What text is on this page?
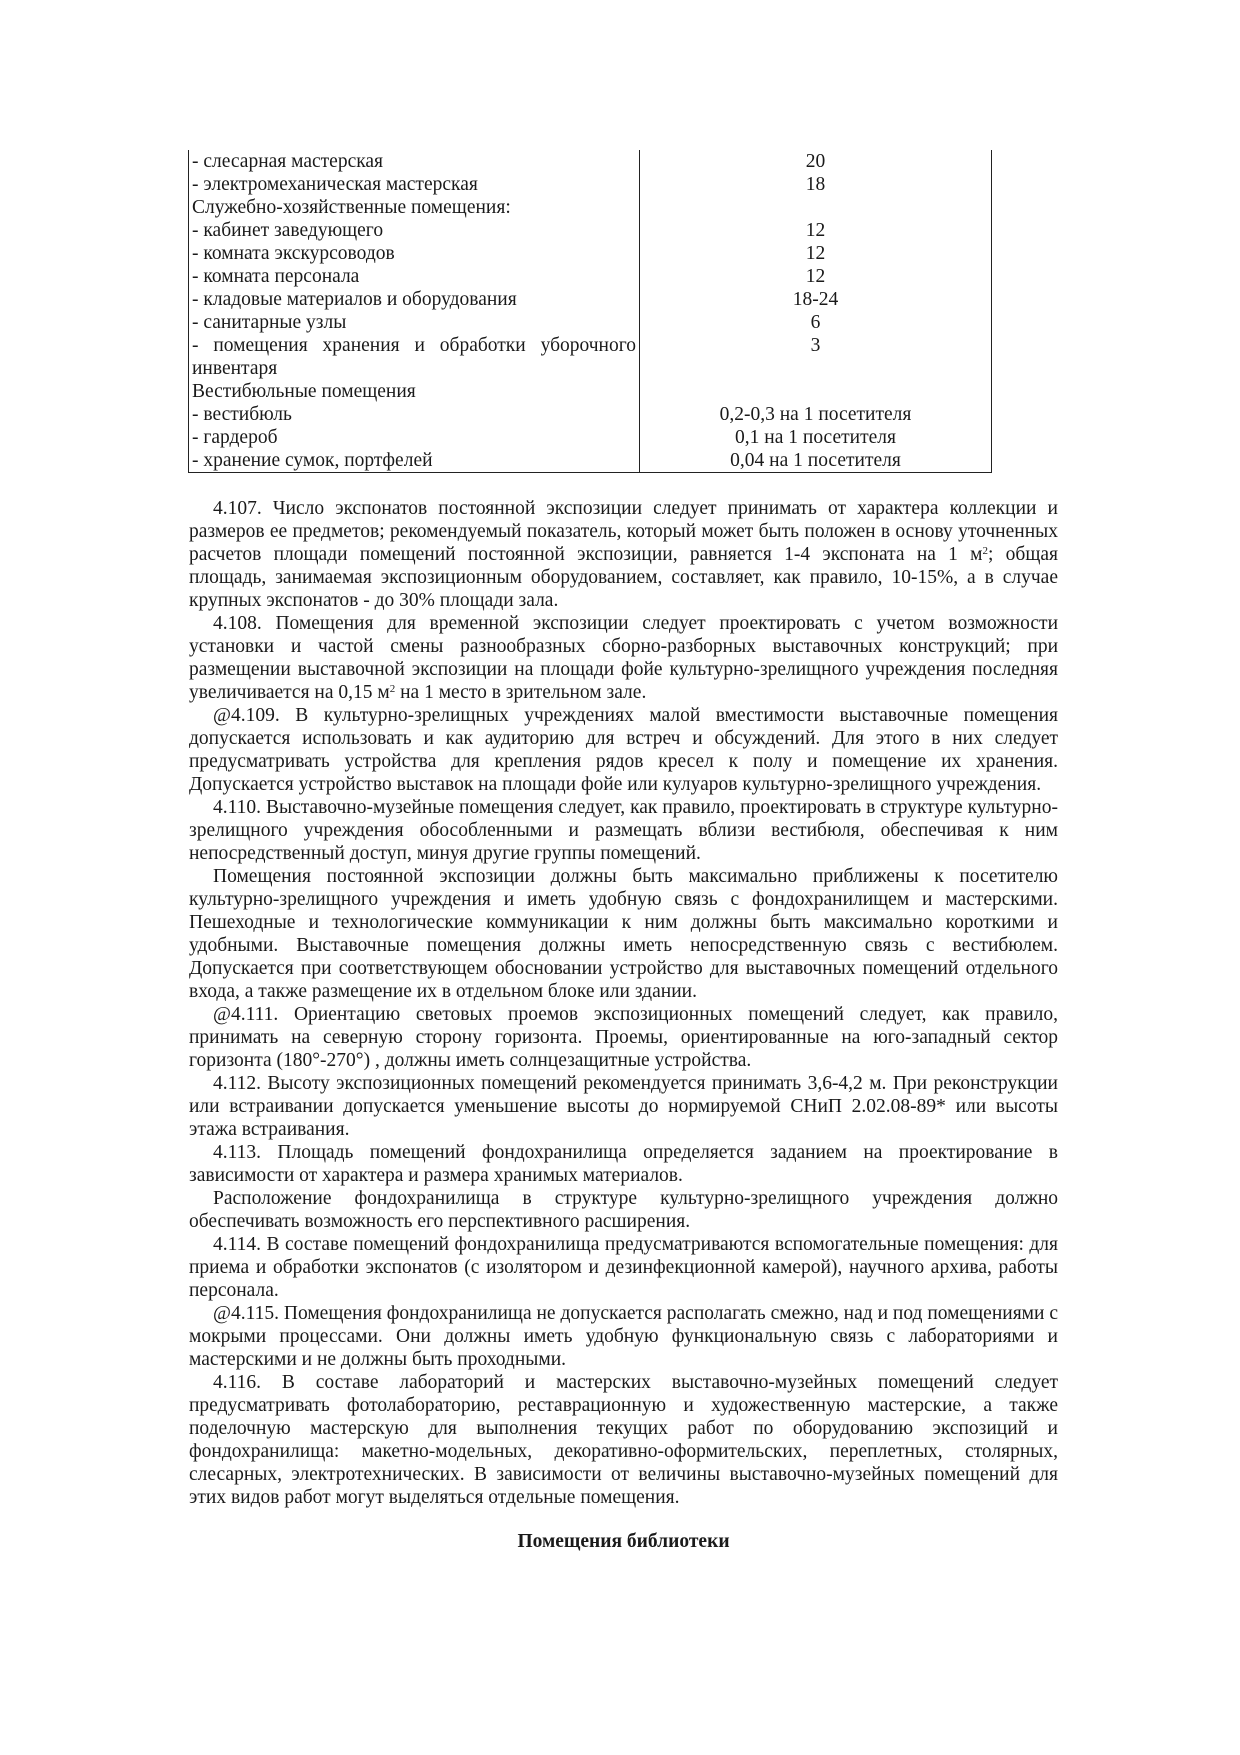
- слесарная мастерская	20
- электромеханическая мастерская	18
Служебно-хозяйственные помещения:	
- кабинет заведующего	12
- комната экскурсоводов	12
- комната персонала	12
- кладовые материалов и оборудования	18-24
- санитарные узлы	6
- помещения хранения и обработки уборочного инвентаря	3
Вестибюльные помещения	
- вестибюль	0,2-0,3 на 1 посетителя
- гардероб	0,1 на 1 посетителя
- хранение сумок, портфелей	0,04 на 1 посетителя

4.107. Число экспонатов постоянной экспозиции следует принимать от характера коллекции и размеров ее предметов; рекомендуемый показатель, который может быть положен в основу уточненных расчетов площади помещений постоянной экспозиции, равняется 1-4 экспоната на 1 $м^2$; общая площадь, занимаемая экспозиционным оборудованием, составляет, как правило, 10-15%, а в случае крупных экспонатов - до 30% площади зала.

4.108. Помещения для временной экспозиции следует проектировать с учетом возможности установки и частой смены разнообразных сборно-разборных выставочных конструкций; при размещении выставочной экспозиции на площади фойе культурно-зрелищного учреждения последняя увеличивается на 0,15 $м^2$ на 1 место в зрительном зале.

@4.109. В культурно-зрелищных учреждениях малой вместимости выставочные помещения допускается использовать и как аудиторию для встреч и обсуждений. Для этого в них следует предусматривать устройства для крепления рядов кресел к полу и помещение их хранения. Допускается устройство выставок на площади фойе или кулуаров культурно-зрелищного учреждения.

4.110. Выставочно-музейные помещения следует, как правило, проектировать в структуре культурно-зрелищного учреждения обособленными и размещать вблизи вестибюля, обеспечивая к ним непосредственный доступ, минуя другие группы помещений.

Помещения постоянной экспозиции должны быть максимально приближены к посетителю культурно-зрелищного учреждения и иметь удобную связь с фондохранилищем и мастерскими. Пешеходные и технологические коммуникации к ним должны быть максимально короткими и удобными. Выставочные помещения должны иметь непосредственную связь с вестибюлем. Допускается при соответствующем обосновании устройство для выставочных помещений отдельного входа, а также размещение их в отдельном блоке или здании.

@4.111. Ориентацию световых проемов экспозиционных помещений следует, как правило, принимать на северную сторону горизонта. Проемы, ориентированные на юго-западный сектор горизонта (180°-270°) , должны иметь солнцезащитные устройства.

4.112. Высоту экспозиционных помещений рекомендуется принимать 3,6-4,2 м. При реконструкции или встраивании допускается уменьшение высоты до нормируемой СНиП 2.02.08-89* или высоты этажа встраивания.

4.113. Площадь помещений фондохранилища определяется заданием на проектирование в зависимости от характера и размера хранимых материалов.

Расположение фондохранилища в структуре культурно-зрелищного учреждения должно обеспечивать возможность его перспективного расширения.

4.114. В составе помещений фондохранилища предусматриваются вспомогательные помещения: для приема и обработки экспонатов (с изолятором и дезинфекционной камерой), научного архива, работы персонала.

@4.115. Помещения фондохранилища не допускается располагать смежно, над и под помещениями с мокрыми процессами. Они должны иметь удобную функциональную связь с лабораториями и мастерскими и не должны быть проходными.

4.116. В составе лабораторий и мастерских выставочно-музейных помещений следует предусматривать фотолабораторию, реставрационную и художественную мастерские, а также поделочную мастерскую для выполнения текущих работ по оборудованию экспозиций и фондохранилища: макетно-модельных, декоративно-оформительских, переплетных, столярных, слесарных, электротехнических. В зависимости от величины выставочно-музейных помещений для этих видов работ могут выделяться отдельные помещения.

Помещения библиотеки
